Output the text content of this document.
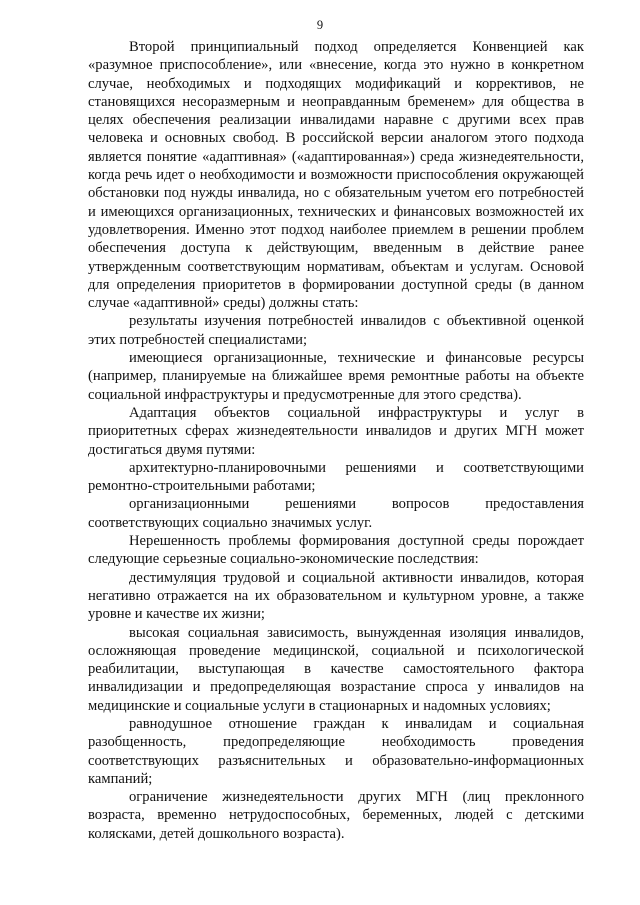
9

Второй принципиальный подход определяется Конвенцией как «разумное приспособление», или «внесение, когда это нужно в конкретном случае, необходимых и подходящих модификаций и коррективов, не становящихся несоразмерным и неоправданным бременем» для общества в целях обеспечения реализации инвалидами наравне с другими всех прав человека и основных свобод. В российской версии аналогом этого подхода является понятие «адаптивная» («адаптированная») среда жизнедеятельности, когда речь идет о необходимости и возможности приспособления окружающей обстановки под нужды инвалида, но с обязательным учетом его потребностей и имеющихся организационных, технических и финансовых возможностей их удовлетворения. Именно этот подход наиболее приемлем в решении проблем обеспечения доступа к действующим, введенным в действие ранее утвержденным соответствующим нормативам, объектам и услугам. Основой для определения приоритетов в формировании доступной среды (в данном случае «адаптивной» среды) должны стать:

результаты изучения потребностей инвалидов с объективной оценкой этих потребностей специалистами;

имеющиеся организационные, технические и финансовые ресурсы (например, планируемые на ближайшее время ремонтные работы на объекте социальной инфраструктуры и предусмотренные для этого средства).

Адаптация объектов социальной инфраструктуры и услуг в приоритетных сферах жизнедеятельности инвалидов и других МГН может достигаться двумя путями:

архитектурно-планировочными решениями и соответствующими ремонтно-строительными работами;

организационными решениями вопросов предоставления соответствующих социально значимых услуг.

Нерешенность проблемы формирования доступной среды порождает следующие серьезные социально-экономические последствия:

дестимуляция трудовой и социальной активности инвалидов, которая негативно отражается на их образовательном и культурном уровне, а также уровне и качестве их жизни;

высокая социальная зависимость, вынужденная изоляция инвалидов, осложняющая проведение медицинской, социальной и психологической реабилитации, выступающая в качестве самостоятельного фактора инвалидизации и предопределяющая возрастание спроса у инвалидов на медицинские и социальные услуги в стационарных и надомных условиях;

равнодушное отношение граждан к инвалидам и социальная разобщенность, предопределяющие необходимость проведения соответствующих разъяснительных и образовательно-информационных кампаний;

ограничение жизнедеятельности других МГН (лиц преклонного возраста, временно нетрудоспособных, беременных, людей с детскими колясками, детей дошкольного возраста).
